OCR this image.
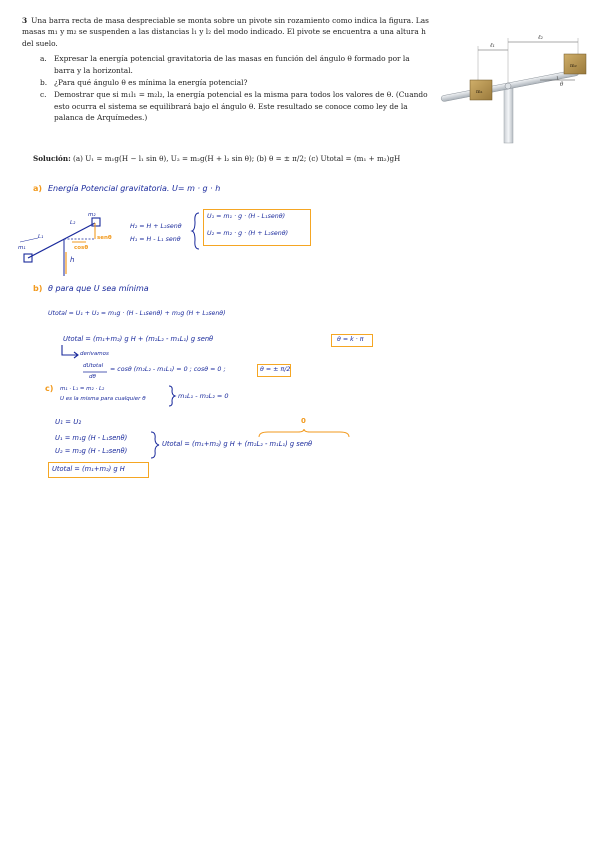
3 Una barra recta de masa despreciable se monta sobre un pivote sin rozamiento como indica la figura. Las masas m₁ y m₂ se suspenden a las distancias l₁ y l₂ del modo indicado. El pivote se encuentra a una altura h del suelo.
a. Expresar la energía potencial gravitatoria de las masas en función del ángulo θ formado por la barra y la horizontal.
b. ¿Para qué ángulo θ es mínima la energía potencial?
c. Demostrar que si m₁l₁ = m₂l₂, la energía potencial es la misma para todos los valores de θ. (Cuando esto ocurra el sistema se equilibrará bajo el ángulo θ. Este resultado se conoce como ley de la palanca de Arquímedes.)
Solución: (a) U₁ = m₁g(H − l₁ sin θ), U₂ = m₂g(H + l₂ sin θ); (b) θ = ± π/2; (c) Utotal = (m₁ + m₂)gH
ℓ₁
ℓ₂
m₁
m₂
θ
a) Energía Potencial gravitatoria. U= m · g · h
m₂
m₁
L₂
L₁	senθ
cosθ
h
H₂ = H + L₂senθ
H₁ = H - L₁ senθ
U₁ = m₁ · g · (H - L₁senθ)
U₂ = m₂ · g · (H + L₂senθ)
b) θ para que U sea mínima
Utotal = U₁ + U₂ = m₁g · (H - L₁senθ) + m₂g (H + L₂senθ)
Utotal = (m₁+m₂) g H + (m₂L₂ - m₁L₁) g senθ	θ = k · π
derivamos
dUtotal
dθ
= cosθ (m₂L₂ - m₁L₁) = 0 ; cosθ = 0 ;	θ = ± π/2
c) m₁ · L₁ = m₂ · L₂
U es la misma para cualquier θ	m₁L₁ - m₂L₂ = 0
U₁ = U₂
U₁ = m₁g (H - L₁senθ)
U₂ = m₂g (H - L₂senθ)
Utotal = (m₁+m₂) g H + (m₂L₂ - m₁L₁) g senθ
0
Utotal = (m₁+m₂) g H
